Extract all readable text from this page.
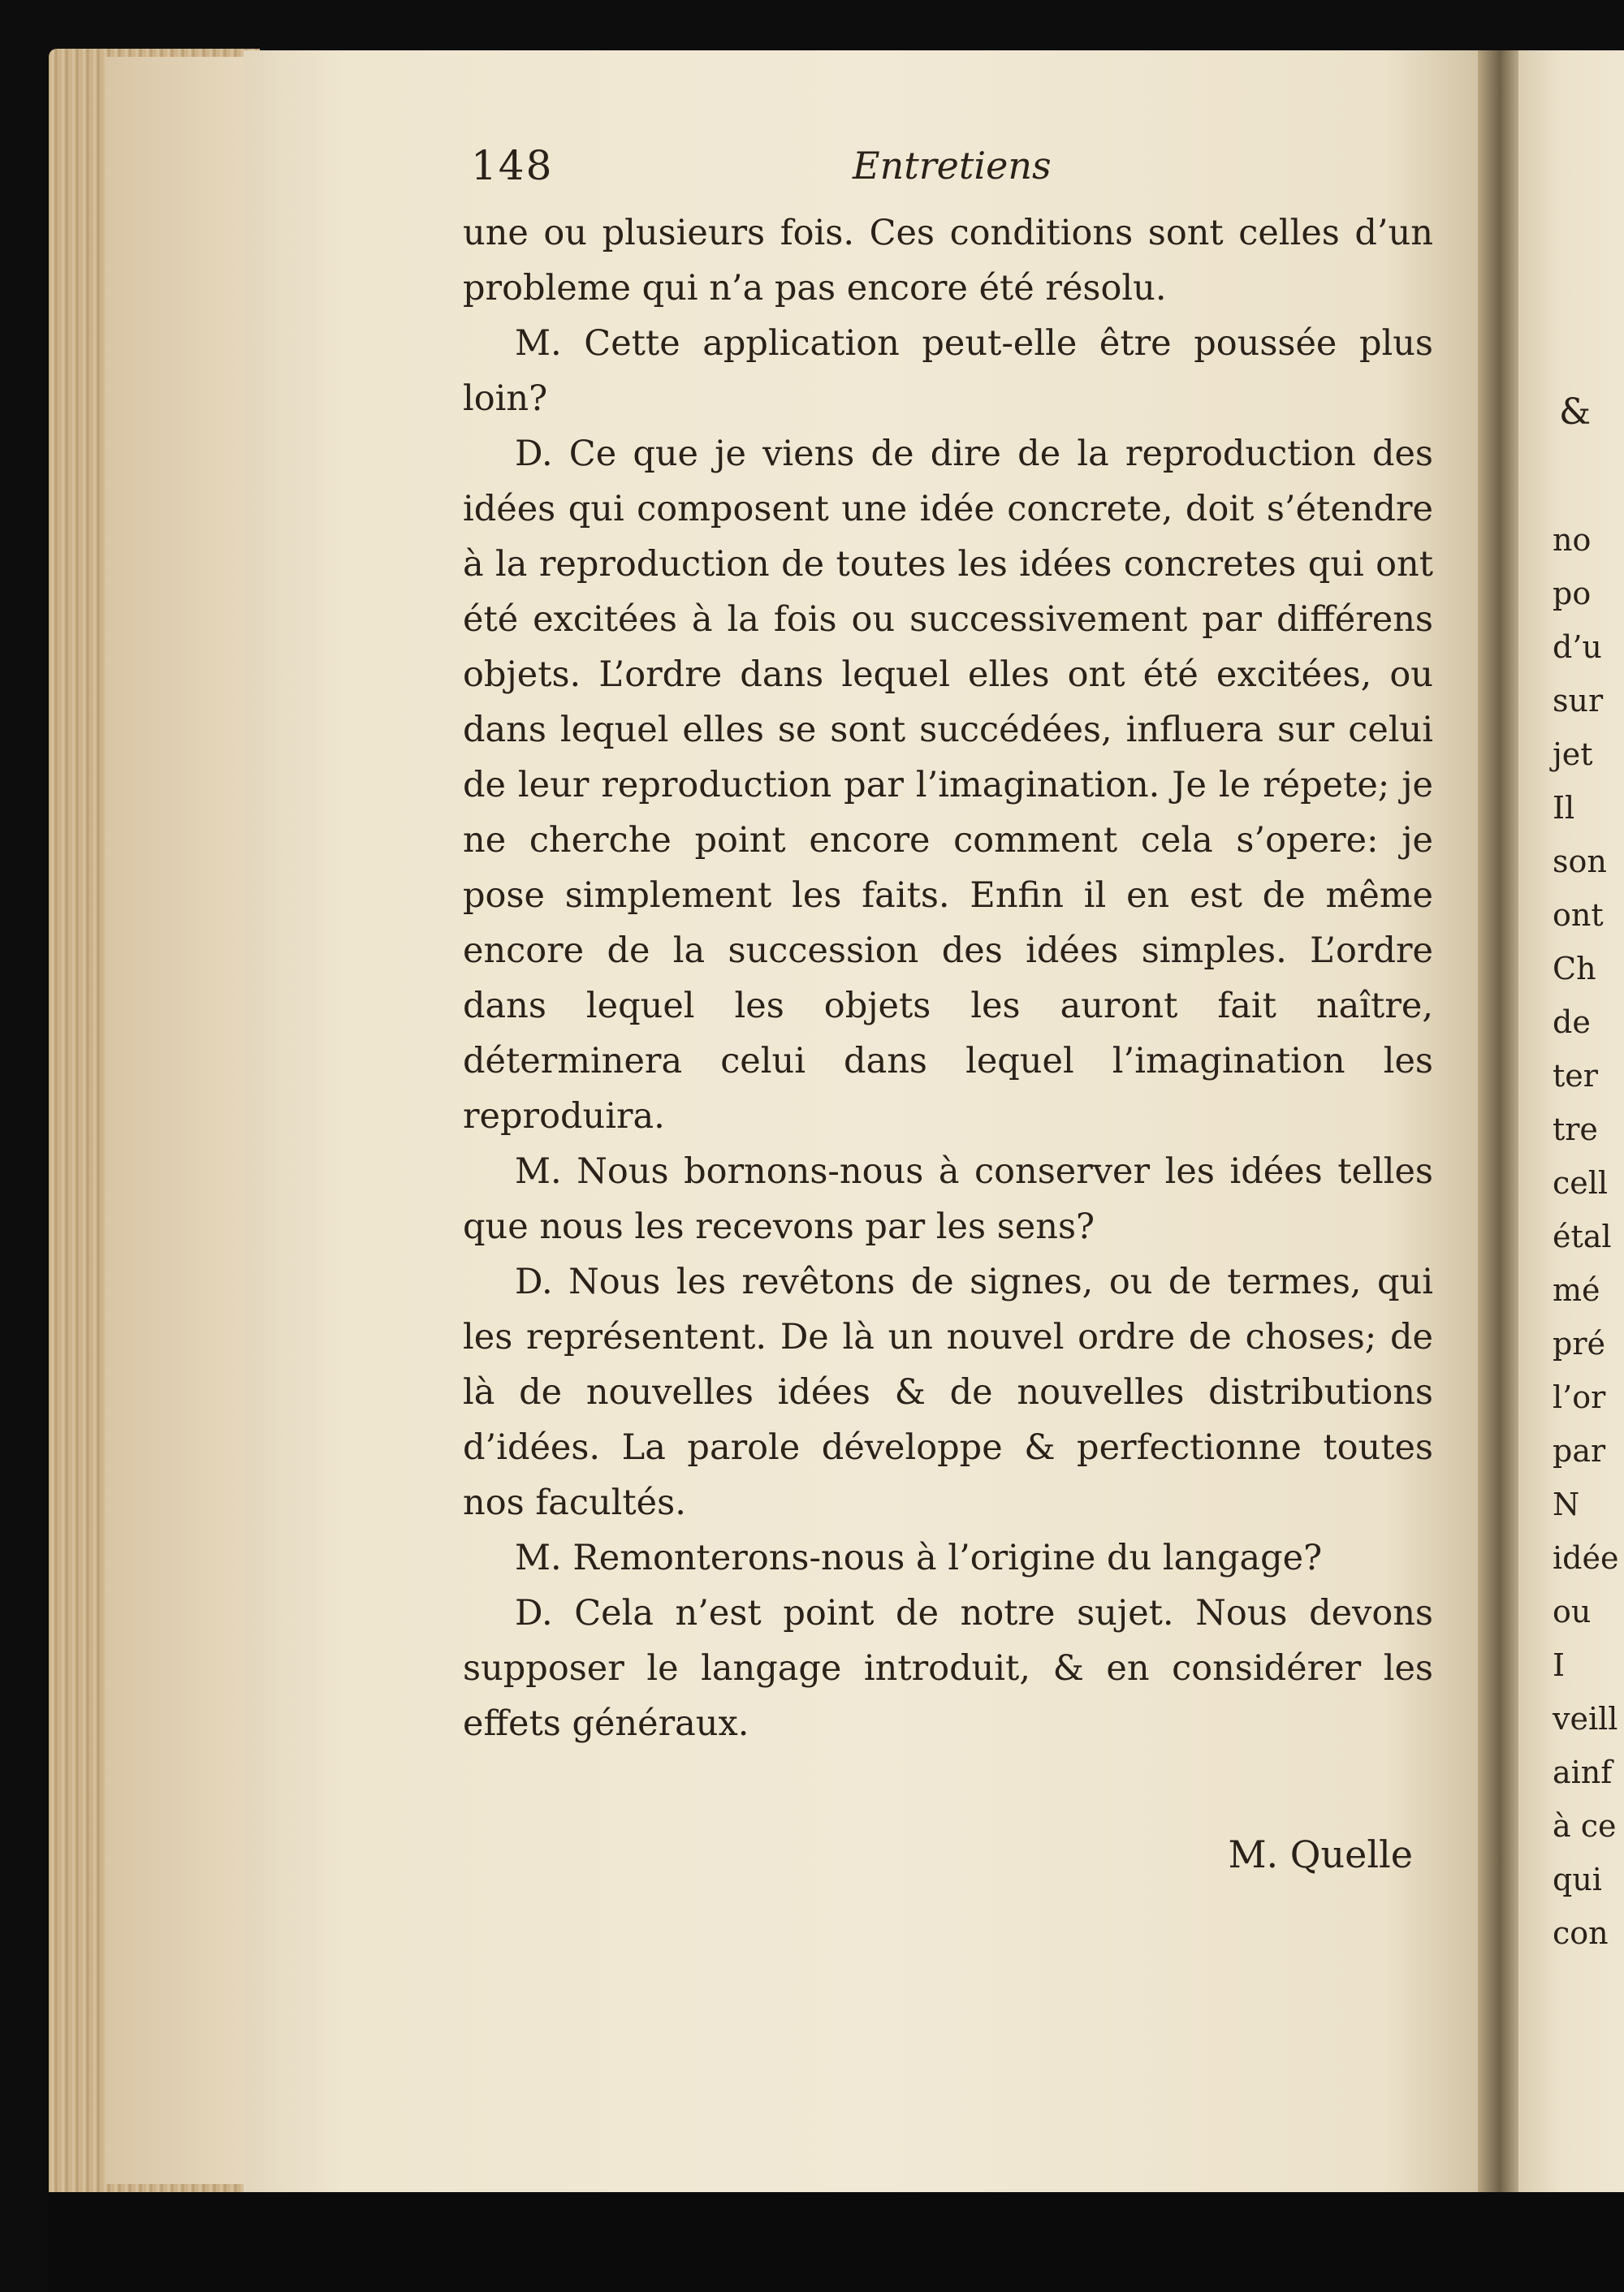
&
no
po
d’u
sur
jet
Il
son
ont
Ch
de
ter
tre
cell
étal
mé
pré
l’or
par
N
idée
ou
I
veill
ainf
à ce
qui
con
148	Entretiens

une ou plusieurs fois. Ces conditions sont celles d’un probleme qui n’a pas encore été résolu.

M. Cette application peut-elle être poussée plus loin?

D. Ce que je viens de dire de la reproduction des idées qui composent une idée concrete, doit s’étendre à la reproduction de toutes les idées concretes qui ont été excitées à la fois ou successivement par différens objets. L’ordre dans lequel elles ont été excitées, ou dans lequel elles se sont succédées, influera sur celui de leur reproduction par l’imagination. Je le répete; je ne cherche point encore comment cela s’opere: je pose simplement les faits. Enfin il en est de même encore de la succession des idées simples. L’ordre dans lequel les objets les auront fait naître, déterminera celui dans lequel l’imagination les reproduira.

M. Nous bornons-nous à conserver les idées telles que nous les recevons par les sens?

D. Nous les revêtons de signes, ou de termes, qui les représentent. De là un nouvel ordre de choses; de là de nouvelles idées & de nouvelles distributions d’idées. La parole développe & perfectionne toutes nos facultés.

M. Remonterons-nous à l’origine du langage?

D. Cela n’est point de notre sujet. Nous devons supposer le langage introduit, & en considérer les effets généraux.

M. Quelle
